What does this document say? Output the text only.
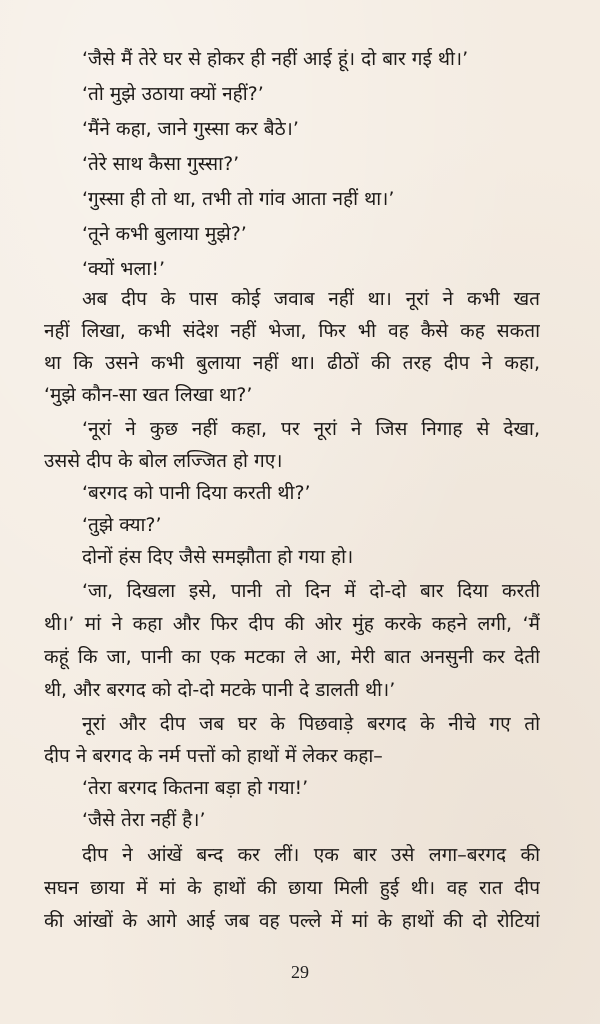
‘जैसे मैं तेरे घर से होकर ही नहीं आई हूं। दो बार गई थी।’
‘तो मुझे उठाया क्यों नहीं?’
‘मैंने कहा, जाने गुस्सा कर बैठे।’
‘तेरे साथ कैसा गुस्सा?’
‘गुस्सा ही तो था, तभी तो गांव आता नहीं था।’
‘तूने कभी बुलाया मुझे?’
‘क्यों भला!’
अब दीप के पास कोई जवाब नहीं था। नूरां ने कभी खत
नहीं लिखा, कभी संदेश नहीं भेजा, फिर भी वह कैसे कह सकता
था कि उसने कभी बुलाया नहीं था। ढीठों की तरह दीप ने कहा,
‘मुझे कौन-सा खत लिखा था?’
‘नूरां ने कुछ नहीं कहा, पर नूरां ने जिस निगाह से देखा,
उससे दीप के बोल लज्जित हो गए।
‘बरगद को पानी दिया करती थी?’
‘तुझे क्या?’
दोनों हंस दिए जैसे समझौता हो गया हो।
‘जा, दिखला इसे, पानी तो दिन में दो-दो बार दिया करती
थी।’ मां ने कहा और फिर दीप की ओर मुंह करके कहने लगी, ‘मैं
कहूं कि जा, पानी का एक मटका ले आ, मेरी बात अनसुनी कर देती
थी, और बरगद को दो-दो मटके पानी दे डालती थी।’
नूरां और दीप जब घर के पिछवाड़े बरगद के नीचे गए तो
दीप ने बरगद के नर्म पत्तों को हाथों में लेकर कहा–
‘तेरा बरगद कितना बड़ा हो गया!’
‘जैसे तेरा नहीं है।’
दीप ने आंखें बन्द कर लीं। एक बार उसे लगा–बरगद की
सघन छाया में मां के हाथों की छाया मिली हुई थी। वह रात दीप
की आंखों के आगे आई जब वह पल्ले में मां के हाथों की दो रोटियां
29
